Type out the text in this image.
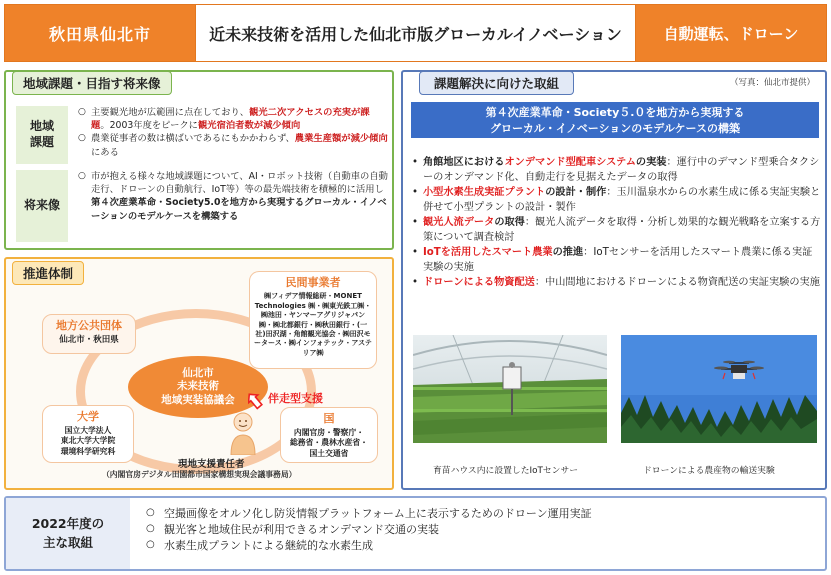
秋田県仙北市	近未来技術を活用した仙北市版グローカルイノベーション	自動運転、ドローン
地域課題・目指す将来像
地域
課題
○ 主要観光地が広範囲に点在しており、観光二次アクセスの充実が課題。2003年度をピークに観光宿泊者数が減少傾向
○ 農業従事者の数は横ばいであるにもかかわらず、農業生産額が減少傾向にある
将来像
○ 市が抱える様々な地域課題について、AI・ロボット技術（自動車の自動走行、ドローンの自動航行、IoT等）等の最先端技術を積極的に活用し第４次産業革命・Society5.0を地方から実現するグローカル・イノベーションのモデルケースを構築する
推進体制
地方公共団体
仙北市・秋田県
民間事業者
㈱フィデア情報総研・MONET Technologies ㈱・㈱東光鉄工㈱・㈱池田・ヤンマーアグリジャパン㈱・㈱北都銀行・㈱秋田銀行・(一社)田沢湖・角館観光協会・㈱田沢モータース・㈱インフォテック・アステリア㈱
仙北市
未来技術
地域実装協議会	伴走型支援
大学
国立大学法人
東北大学大学院
環境科学研究科
国
内閣官房・警察庁・
総務省・農林水産省・
国土交通省
現地支援責任者
（内閣官房デジタル田園都市国家構想実現会議事務局）
課題解決に向けた取組	（写真：仙北市提供）
第４次産業革命・Society５.０を地方から実現する
グローカル・イノベーションのモデルケースの構築
• 角館地区におけるオンデマンド型配車システムの実装：運行中のデマンド型乗合タクシーのオンデマンド化、自動走行を見据えたデータの取得
• 小型水素生成実証プラントの設計・制作：玉川温泉水からの水素生成に係る実証実験と併せて小型プラントの設計・製作
• 観光人流データの取得：観光人流データを取得・分析し効果的な観光戦略を立案する方策について調査検討
• IoTを活用したスマート農業の推進：IoTセンサーを活用したスマート農業に係る実証実験の実施
• ドローンによる物資配送：中山間地におけるドローンによる物資配送の実証実験の実施
育苗ハウス内に設置したIoTセンサー	ドローンによる農産物の輸送実験
2022年度の
主な取組
○ 空撮画像をオルソ化し防災情報プラットフォーム上に表示するためのドローン運用実証
○ 観光客と地域住民が利用できるオンデマンド交通の実装
○ 水素生成プラントによる継続的な水素生成
